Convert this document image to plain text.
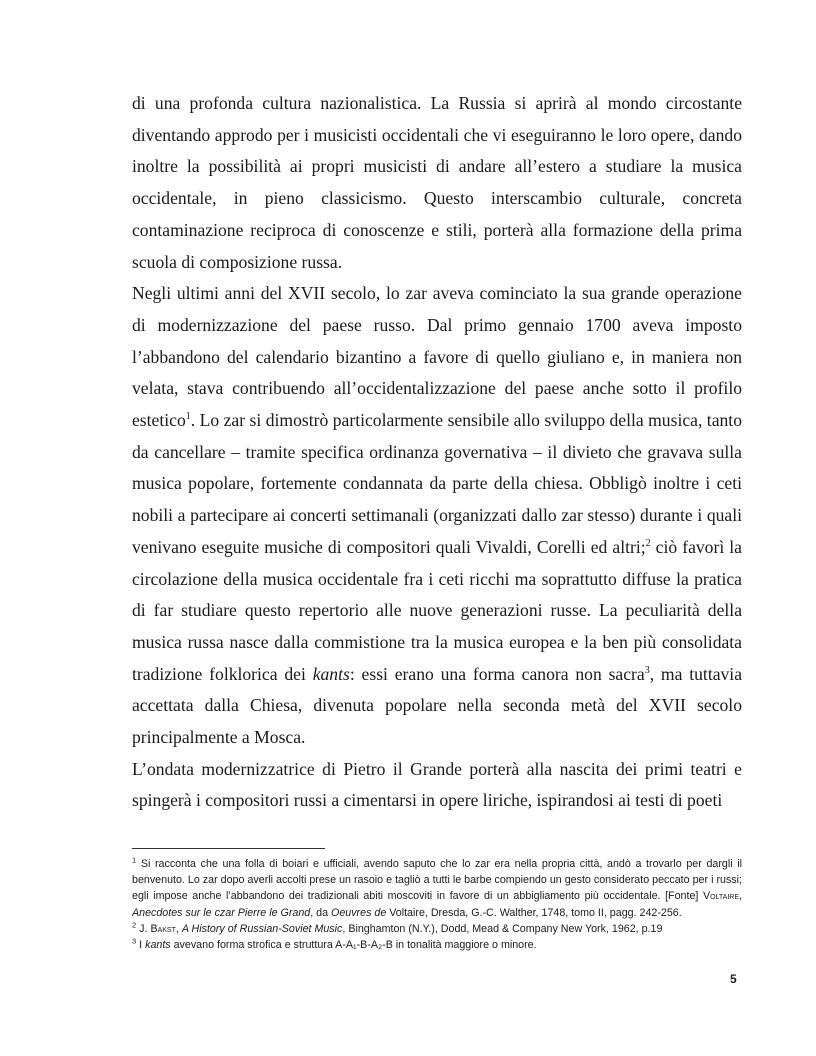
di una profonda cultura nazionalistica. La Russia si aprirà al mondo circostante diventando approdo per i musicisti occidentali che vi eseguiranno le loro opere, dando inoltre la possibilità ai propri musicisti di andare all’estero a studiare la musica occidentale, in pieno classicismo. Questo interscambio culturale, concreta contaminazione reciproca di conoscenze e stili, porterà alla formazione della prima scuola di composizione russa.

Negli ultimi anni del XVII secolo, lo zar aveva cominciato la sua grande operazione di modernizzazione del paese russo. Dal primo gennaio 1700 aveva imposto l’abbandono del calendario bizantino a favore di quello giuliano e, in maniera non velata, stava contribuendo all’occidentalizzazione del paese anche sotto il profilo estetico$^1$. Lo zar si dimostrò particolarmente sensibile allo sviluppo della musica, tanto da cancellare – tramite specifica ordinanza governativa – il divieto che gravava sulla musica popolare, fortemente condannata da parte della chiesa. Obbligò inoltre i ceti nobili a partecipare ai concerti settimanali (organizzati dallo zar stesso) durante i quali venivano eseguite musiche di compositori quali Vivaldi, Corelli ed altri;$^2$ ciò favorì la circolazione della musica occidentale fra i ceti ricchi ma soprattutto diffuse la pratica di far studiare questo repertorio alle nuove generazioni russe. La peculiarità della musica russa nasce dalla commistione tra la musica europea e la ben più consolidata tradizione folklorica dei kants: essi erano una forma canora non sacra$^3$, ma tuttavia accettata dalla Chiesa, divenuta popolare nella seconda metà del XVII secolo principalmente a Mosca.

L’ondata modernizzatrice di Pietro il Grande porterà alla nascita dei primi teatri e spingerà i compositori russi a cimentarsi in opere liriche, ispirandosi ai testi di poeti

$^1$ Si racconta che una folla di boiari e ufficiali, avendo saputo che lo zar era nella propria città, andò a trovarlo per dargli il benvenuto. Lo zar dopo averli accolti prese un rasoio e tagliò a tutti le barbe compiendo un gesto considerato peccato per i russi; egli impose anche l’abbandono dei tradizionali abiti moscoviti in favore di un abbigliamento più occidentale. [Fonte] Voltaire, Anecdotes sur le czar Pierre le Grand, da Oeuvres de Voltaire, Dresda, G.-C. Walther, 1748, tomo II, pagg. 242-256.

$^2$ J. Bakst, A History of Russian-Soviet Music, Binghamton (N.Y.), Dodd, Mead & Company New York, 1962, p.19

$^3$ I kants avevano forma strofica e struttura A-A₁-B-A₂-B in tonalità maggiore o minore.

5
